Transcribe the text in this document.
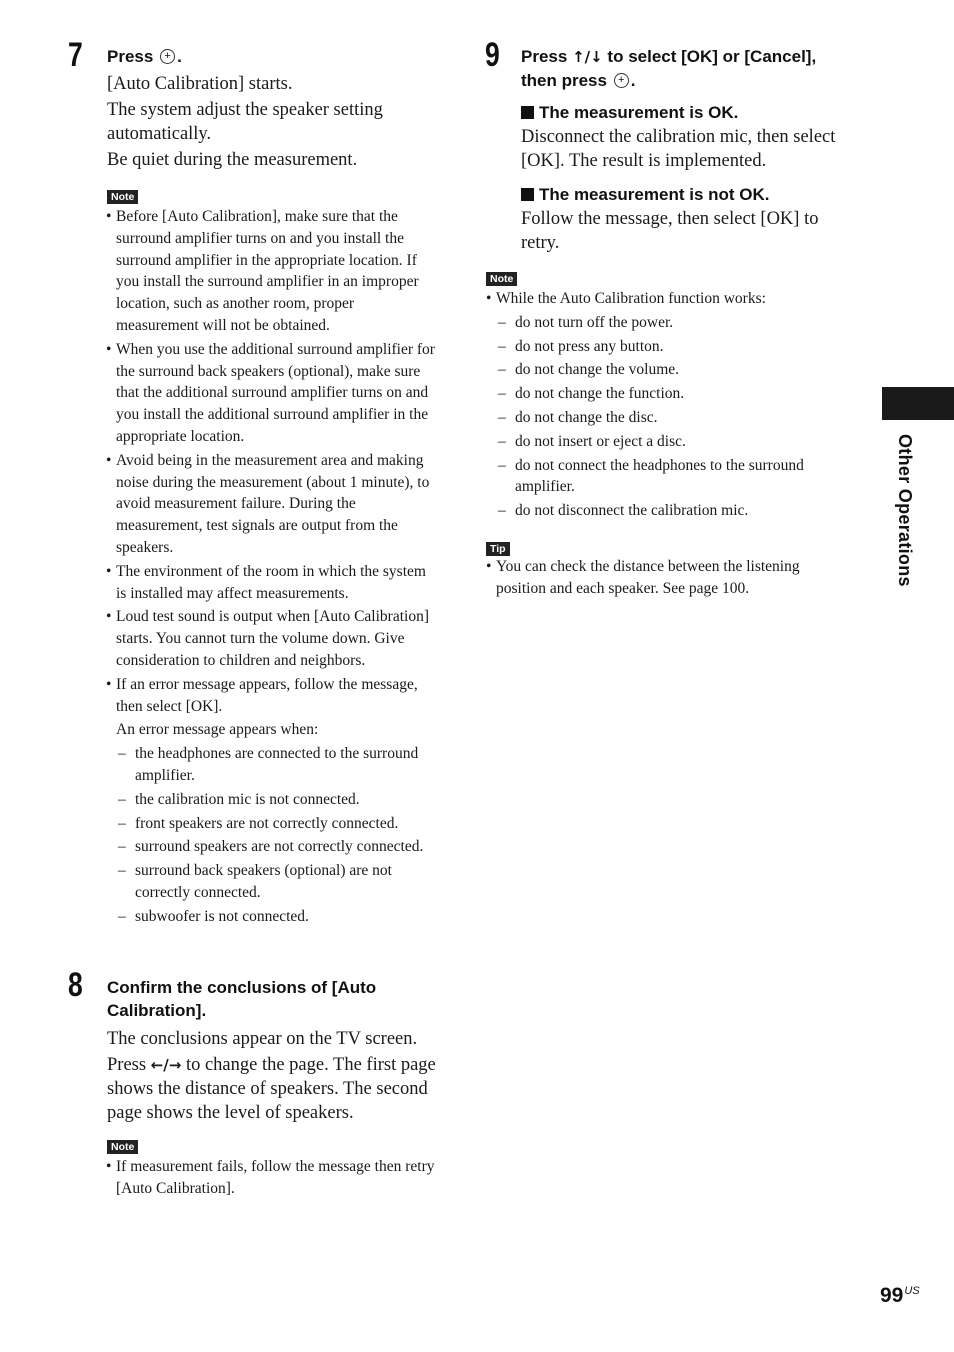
7 Press + .

[Auto Calibration] starts.

The system adjust the speaker setting automatically.

Be quiet during the measurement.

Note
• Before [Auto Calibration], make sure that the surround amplifier turns on and you install the surround amplifier in the appropriate location. If you install the surround amplifier in an improper location, such as another room, proper measurement will not be obtained.
• When you use the additional surround amplifier for the surround back speakers (optional), make sure that the additional surround amplifier turns on and you install the additional surround amplifier in the appropriate location.
• Avoid being in the measurement area and making noise during the measurement (about 1 minute), to avoid measurement failure. During the measurement, test signals are output from the speakers.
• The environment of the room in which the system is installed may affect measurements.
• Loud test sound is output when [Auto Calibration] starts. You cannot turn the volume down. Give consideration to children and neighbors.
• If an error message appears, follow the message, then select [OK].
An error message appears when:
– the headphones are connected to the surround amplifier.
– the calibration mic is not connected.
– front speakers are not correctly connected.
– surround speakers are not correctly connected.
– surround back speakers (optional) are not correctly connected.
– subwoofer is not connected.
8 Confirm the conclusions of [Auto Calibration].

The conclusions appear on the TV screen.

Press ←/→ to change the page. The first page shows the distance of speakers. The second page shows the level of speakers.

Note
• If measurement fails, follow the message then retry [Auto Calibration].
9 Press ↑/↓ to select [OK] or [Cancel], then press + .
The measurement is OK.
Disconnect the calibration mic, then select [OK]. The result is implemented.
The measurement is not OK.
Follow the message, then select [OK] to retry.
Note
• While the Auto Calibration function works:
– do not turn off the power.
– do not press any button.
– do not change the volume.
– do not change the function.
– do not change the disc.
– do not insert or eject a disc.
– do not connect the headphones to the surround amplifier.
– do not disconnect the calibration mic.
Tip
• You can check the distance between the listening position and each speaker. See page 100.
Other Operations
$99^{US}$
